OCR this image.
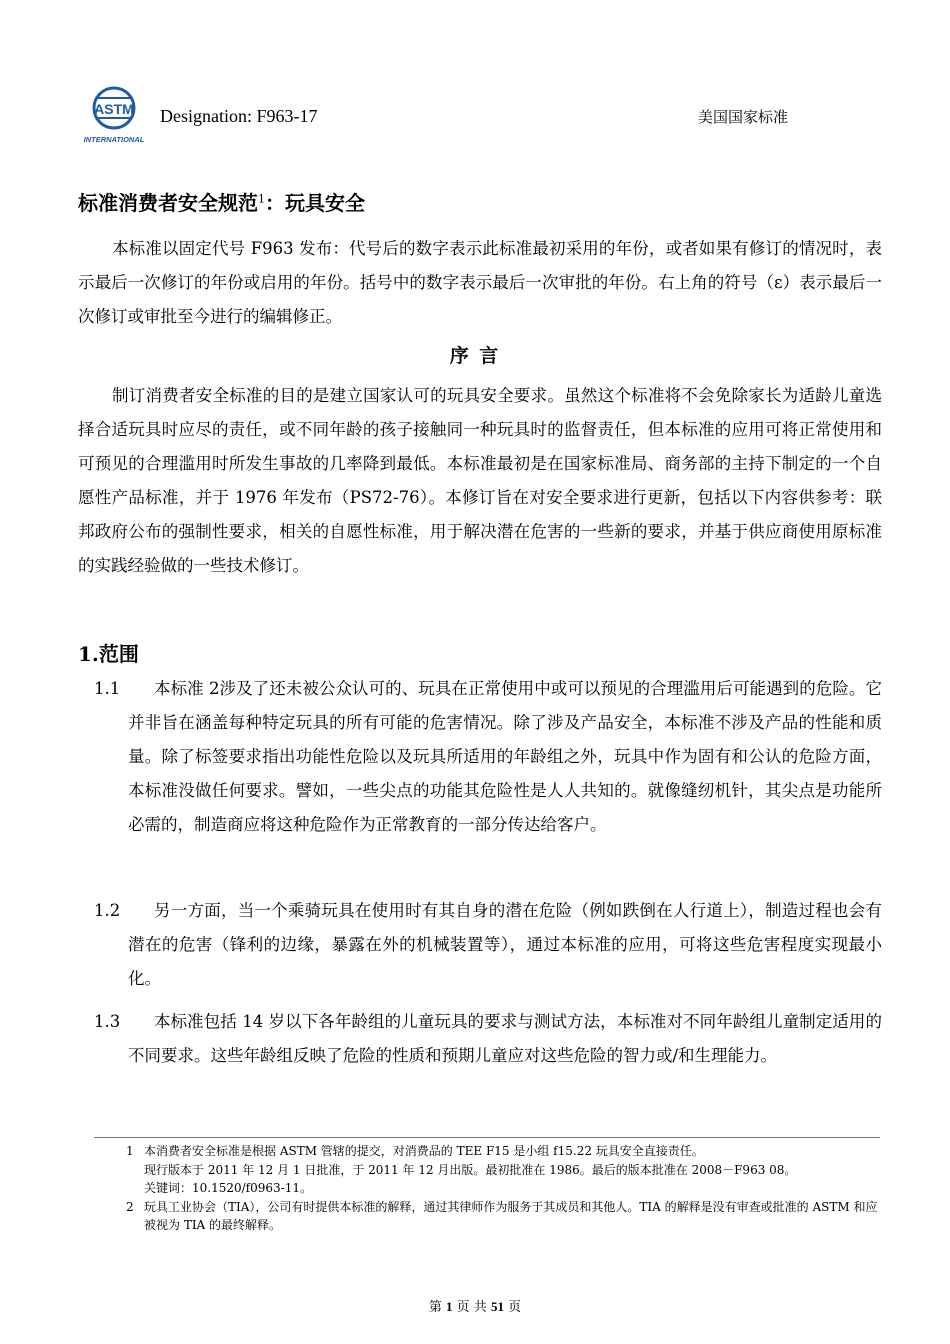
ASTM
INTERNATIONAL
Designation: F963-17	美国国家标准
标准消费者安全规范$^1$：玩具安全
本标准以固定代号 F963 发布：代号后的数字表示此标准最初采用的年份，或者如果有修订的情况时，表示最后一次修订的年份或启用的年份。括号中的数字表示最后一次审批的年份。右上角的符号（ε）表示最后一次修订或审批至今进行的编辑修正。
序 言
制订消费者安全标准的目的是建立国家认可的玩具安全要求。虽然这个标准将不会免除家长为适龄儿童选择合适玩具时应尽的责任，或不同年龄的孩子接触同一种玩具时的监督责任，但本标准的应用可将正常使用和可预见的合理滥用时所发生事故的几率降到最低。本标准最初是在国家标准局、商务部的主持下制定的一个自愿性产品标准，并于 1976 年发布（PS72-76）。本修订旨在对安全要求进行更新，包括以下内容供参考：联邦政府公布的强制性要求，相关的自愿性标准，用于解决潜在危害的一些新的要求，并基于供应商使用原标准的实践经验做的一些技术修订。
1.范围
1.1	本标准 2涉及了还未被公众认可的、玩具在正常使用中或可以预见的合理滥用后可能遇到的危险。它并非旨在涵盖每种特定玩具的所有可能的危害情况。除了涉及产品安全，本标准不涉及产品的性能和质量。除了标签要求指出功能性危险以及玩具所适用的年龄组之外，玩具中作为固有和公认的危险方面，本标准没做任何要求。譬如，一些尖点的功能其危险性是人人共知的。就像缝纫机针，其尖点是功能所必需的，制造商应将这种危险作为正常教育的一部分传达给客户。
1.2	另一方面，当一个乘骑玩具在使用时有其自身的潜在危险（例如跌倒在人行道上），制造过程也会有潜在的危害（锋利的边缘，暴露在外的机械装置等），通过本标准的应用，可将这些危害程度实现最小化。
1.3	本标准包括 14 岁以下各年龄组的儿童玩具的要求与测试方法，本标准对不同年龄组儿童制定适用的不同要求。这些年龄组反映了危险的性质和预期儿童应对这些危险的智力或/和生理能力。
1 本消费者安全标准是根据 ASTM 管辖的提交，对消费品的 TEE F15 是小组 f15.22 玩具安全直接责任。
现行版本于 2011 年 12 月 1 日批准，于 2011 年 12 月出版。最初批准在 1986。最后的版本批准在 2008－F963 08。
关键词：10.1520/f0963-11。
2 玩具工业协会（TIA），公司有时提供本标准的解释，通过其律师作为服务于其成员和其他人。TIA 的解释是没有审查或批准的 ASTM 和应被视为 TIA 的最终解释。
第 1 页 共 51 页
